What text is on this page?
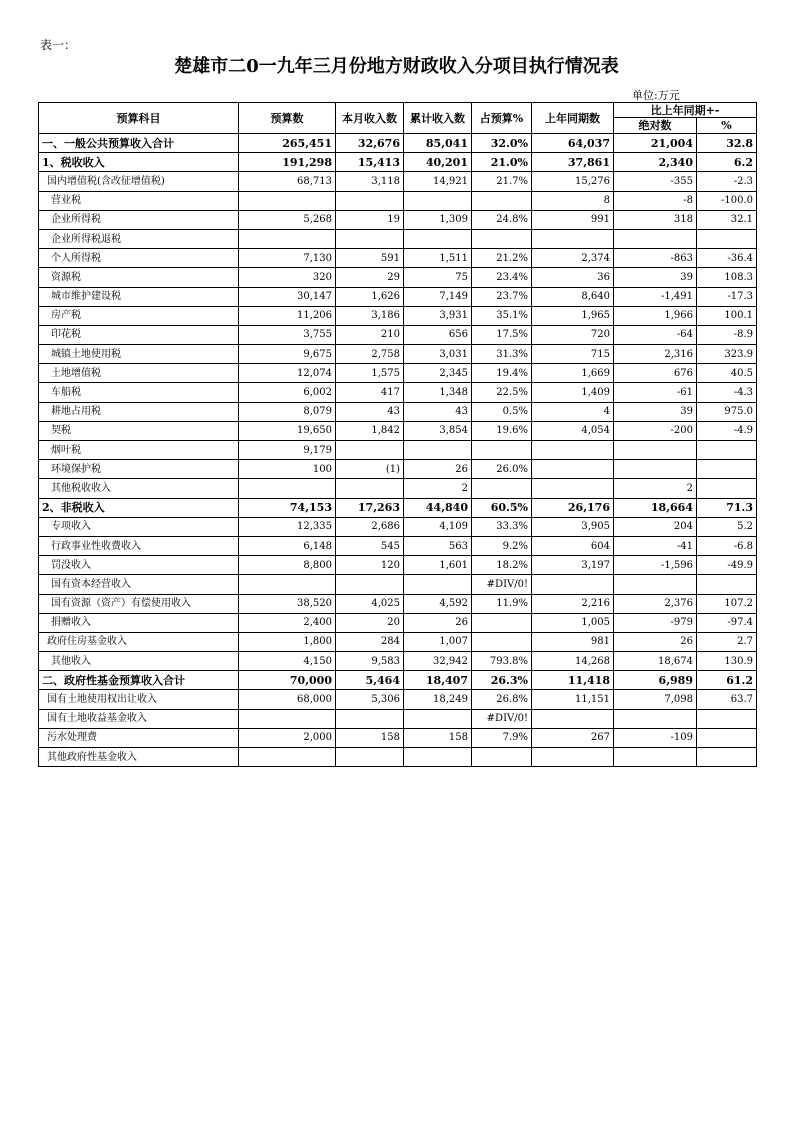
表一：
楚雄市二0一九年三月份地方财政收入分项目执行情况表
单位:万元
预算科目	预算数	本月收入数	累计收入数	占预算%	上年同期数	比上年同期+-	
						绝对数	%
一、一般公共预算收入合计	265,451	32,676	85,041	32.0%	64,037	21,004	32.8
1、税收收入	191,298	15,413	40,201	21.0%	37,861	2,340	6.2
国内增值税(含改征增值税)	68,713	3,118	14,921	21.7%	15,276	-355	-2.3
营业税					8	-8	-100.0
企业所得税	5,268	19	1,309	24.8%	991	318	32.1
企业所得税退税							
个人所得税	7,130	591	1,511	21.2%	2,374	-863	-36.4
资源税	320	29	75	23.4%	36	39	108.3
城市维护建设税	30,147	1,626	7,149	23.7%	8,640	-1,491	-17.3
房产税	11,206	3,186	3,931	35.1%	1,965	1,966	100.1
印花税	3,755	210	656	17.5%	720	-64	-8.9
城镇土地使用税	9,675	2,758	3,031	31.3%	715	2,316	323.9
土地增值税	12,074	1,575	2,345	19.4%	1,669	676	40.5
车船税	6,002	417	1,348	22.5%	1,409	-61	-4.3
耕地占用税	8,079	43	43	0.5%	4	39	975.0
契税	19,650	1,842	3,854	19.6%	4,054	-200	-4.9
烟叶税	9,179						
环境保护税	100	(1)	26	26.0%			
其他税收收入			2			2	
2、非税收入	74,153	17,263	44,840	60.5%	26,176	18,664	71.3
专项收入	12,335	2,686	4,109	33.3%	3,905	204	5.2
行政事业性收费收入	6,148	545	563	9.2%	604	-41	-6.8
罚没收入	8,800	120	1,601	18.2%	3,197	-1,596	-49.9
国有资本经营收入				#DIV/0!			
国有资源（资产）有偿使用收入	38,520	4,025	4,592	11.9%	2,216	2,376	107.2
捐赠收入	2,400	20	26		1,005	-979	-97.4
政府住房基金收入	1,800	284	1,007		981	26	2.7
其他收入	4,150	9,583	32,942	793.8%	14,268	18,674	130.9
二、政府性基金预算收入合计	70,000	5,464	18,407	26.3%	11,418	6,989	61.2
国有土地使用权出让收入	68,000	5,306	18,249	26.8%	11,151	7,098	63.7
国有土地收益基金收入				#DIV/0!			
污水处理费	2,000	158	158	7.9%	267	-109	
其他政府性基金收入							
